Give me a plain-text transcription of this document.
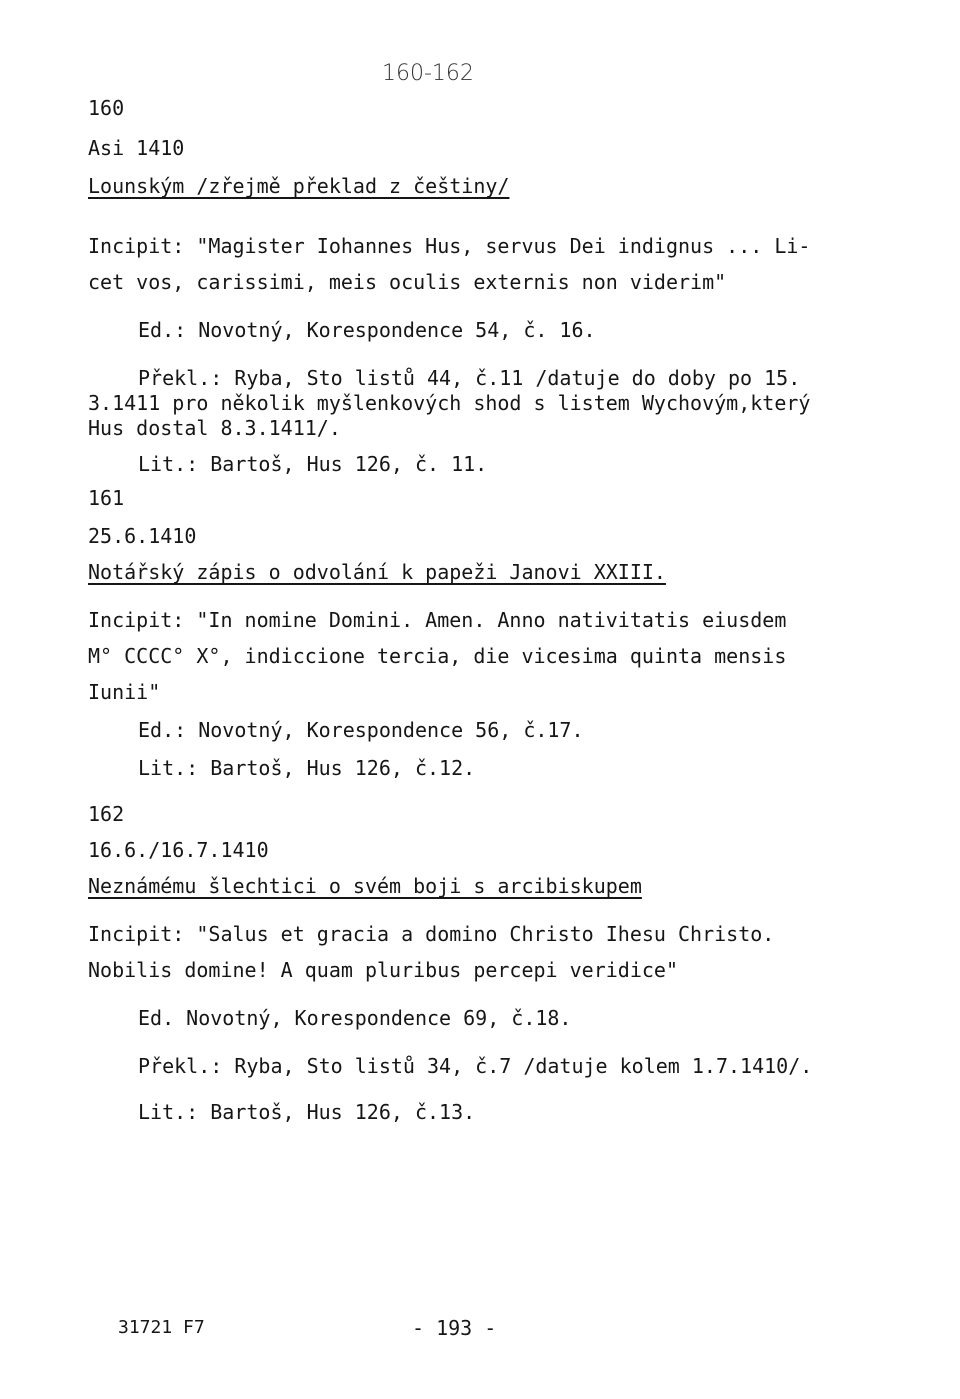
160-162
160
Asi 1410
Lounským /zřejmě překlad z češtiny/
Incipit: "Magister Iohannes Hus, servus Dei indignus ... Li-
cet vos, carissimi, meis oculis externis non viderim"
Ed.: Novotný, Korespondence 54, č. 16.
Překl.: Ryba, Sto listů 44, č.11 /datuje do doby po 15.
3.1411 pro několik myšlenkových shod s listem Wychovým,který
Hus dostal 8.3.1411/.
Lit.: Bartoš, Hus 126, č. 11.
161
25.6.1410
Notářský zápis o odvolání k papeži Janovi XXIII.
Incipit: "In nomine Domini. Amen. Anno nativitatis eiusdem
M° CCCC° X°, indiccione tercia, die vicesima quinta mensis
Iunii"
Ed.: Novotný, Korespondence 56, č.17.
Lit.: Bartoš, Hus 126, č.12.
162
16.6./16.7.1410
Neznámému šlechtici o svém boji s arcibiskupem
Incipit: "Salus et gracia a domino Christo Ihesu Christo.
Nobilis domine! A quam pluribus percepi veridice"
Ed. Novotný, Korespondence 69, č.18.
Překl.: Ryba, Sto listů 34, č.7 /datuje kolem 1.7.1410/.
Lit.: Bartoš, Hus 126, č.13.
31721 F7	- 193 -
